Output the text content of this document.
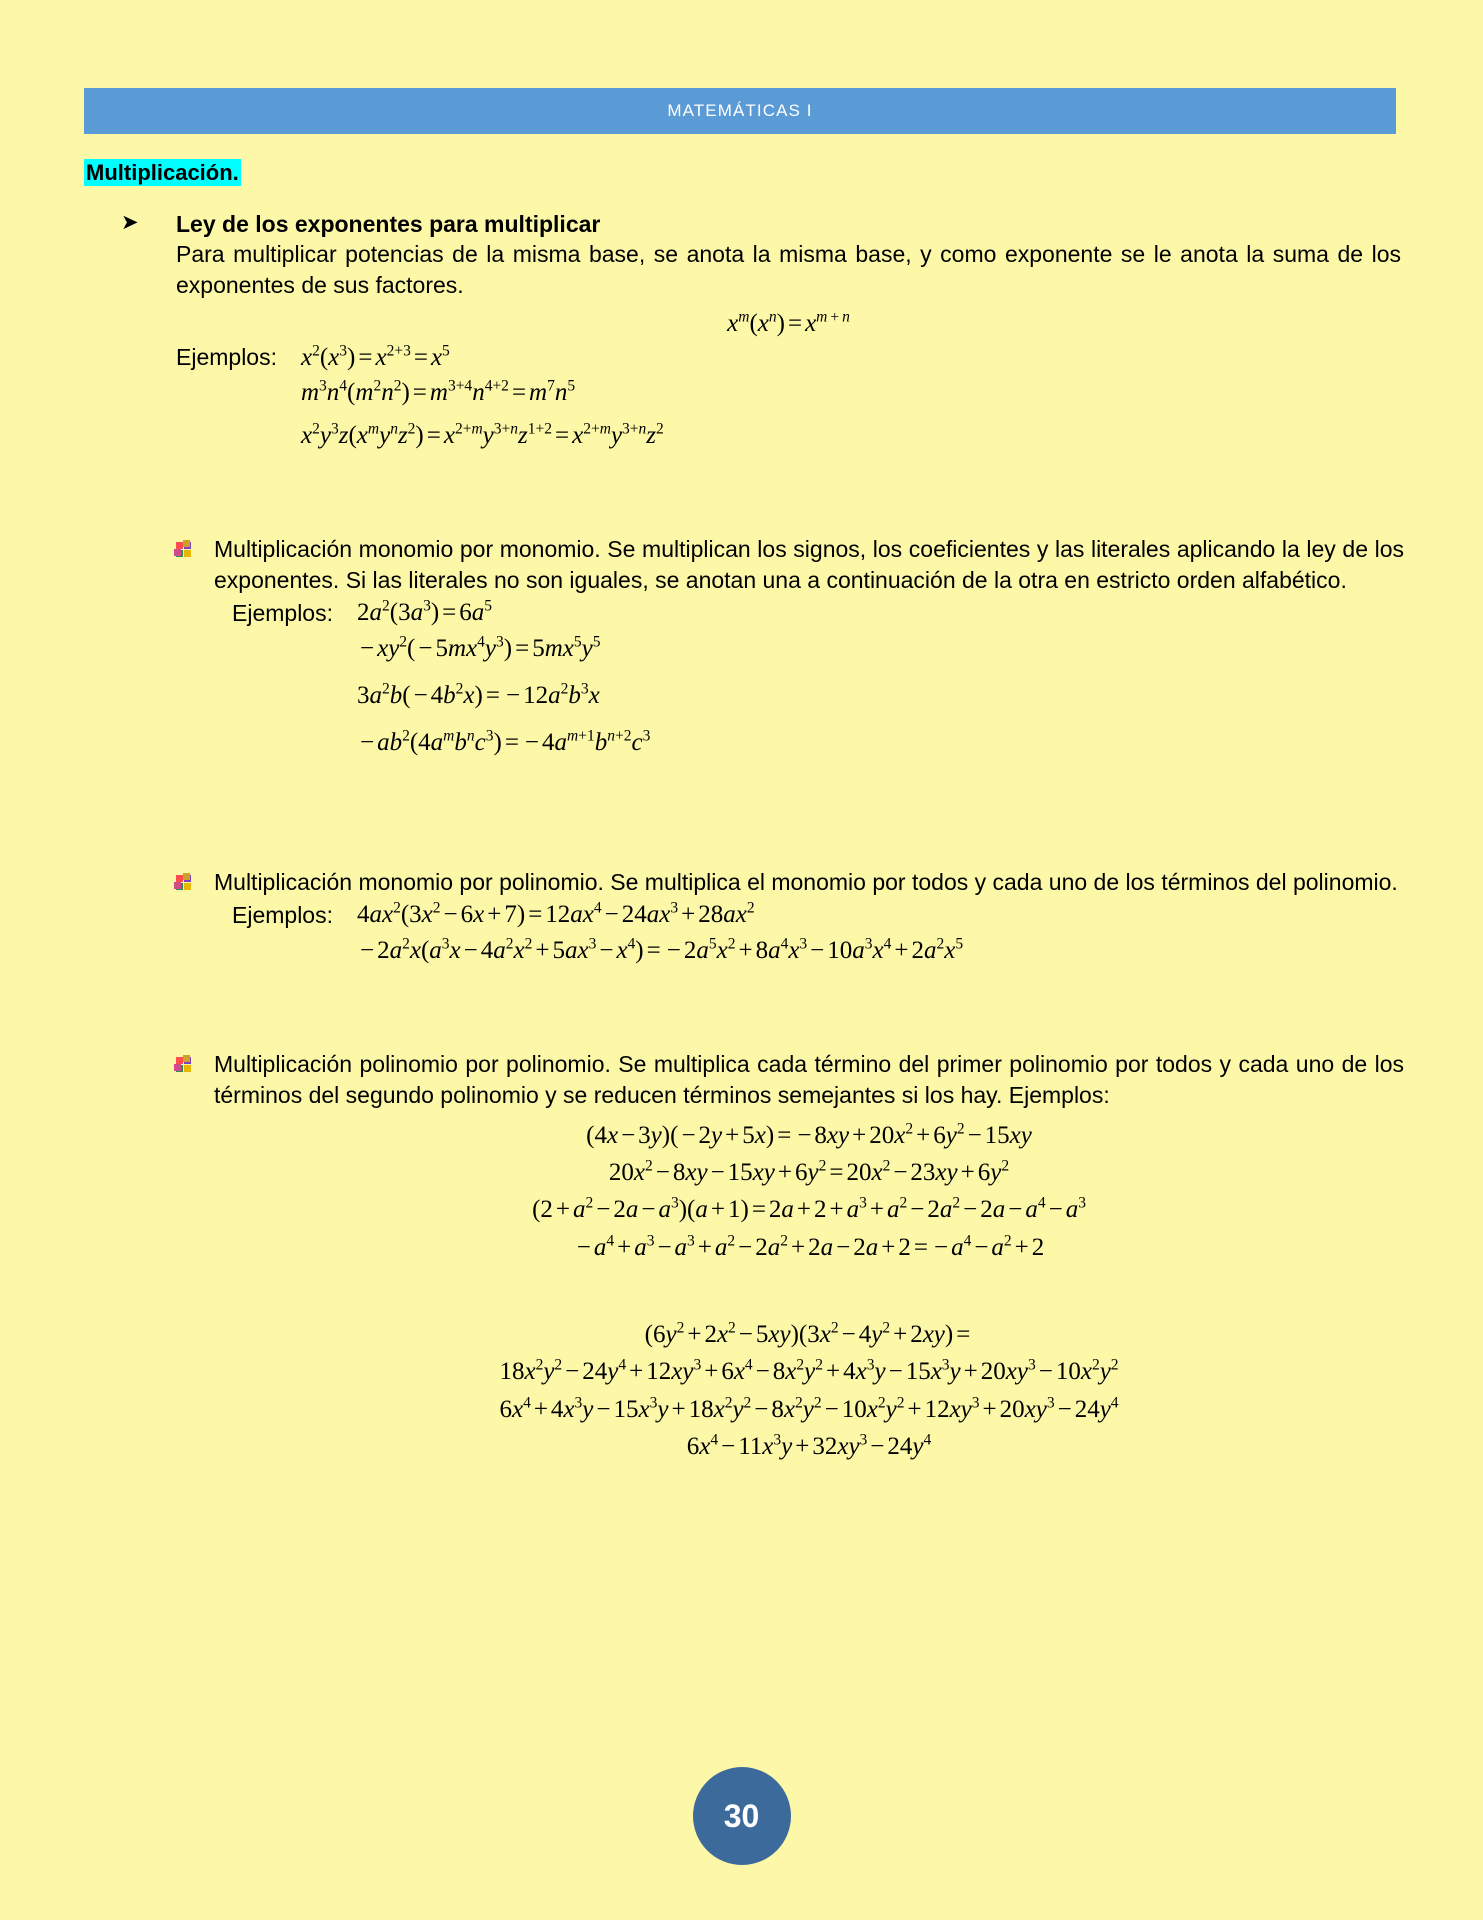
MATEMÁTICAS I
Multiplicación.
➤ Ley de los exponentes para multiplicar

Para multiplicar potencias de la misma base, se anota la misma base, y como exponente se le anota la suma de los exponentes de sus factores.

$x^m(x^n) = x^{m + n}$
Ejemplos: $x^2(x^3) = x^{2+3} = x^5$
$m^3n^4(m^2n^2) = m^{3+4}n^{4+2} = m^7n^5$
$x^2y^3z(x^my^nz^2) = x^{2+m}y^{3+n}z^{1+2} = x^{2+m}y^{3+n}z^2$

Multiplicación monomio por monomio. Se multiplican los signos, los coeficientes y las literales aplicando la ley de los exponentes. Si las literales no son iguales, se anotan una a continuación de la otra en estricto orden alfabético.

Ejemplos: $2a^2(3a^3) = 6a^5$
− $xy^2( - 5mx^4y^3) = 5mx^5y^5$
$3a^2b( - 4b^2x)$ = − $12a^2b^3x$
− $ab^2(4a^mb^nc^3)$ = − $4a^{m+1}b^{n+2}c^3$

Multiplicación monomio por polinomio. Se multiplica el monomio por todos y cada uno de los términos del polinomio.

Ejemplos: $4ax^2(3x^2 - 6x + 7) = 12ax^4 - 24ax^3 + 28ax^2$
− $2a^2x(a^3x - 4a^2x^2 + 5ax^3 - x^4)$ = − $2a^5x^2 + 8a^4x^3 - 10a^3x^4 + 2a^2x^5$

Multiplicación polinomio por polinomio. Se multiplica cada término del primer polinomio por todos y cada uno de los términos del segundo polinomio y se reducen términos semejantes si los hay. Ejemplos:

(4x − 3y)( − 2y + 5x) = − $8xy + 20x^2 + 6y^2 - 15xy$
$20x^2 - 8xy - 15xy + 6y^2 = 20x^2 - 23xy + 6y^2$
$(2 + a^2 - 2a - a^3)(a + 1) = 2a + 2 + a^3 + a^2 - 2a^2 - 2a - a^4 - a^3$
− $a^4 + a^3 - a^3 + a^2 - 2a^2 + 2a - 2a + 2$ = − $a^4 - a^2 + 2$
$(6y^2 + 2x^2 - 5xy)(3x^2 - 4y^2 + 2xy)$ =
$18x^2y^2 - 24y^4 + 12xy^3 + 6x^4 - 8x^2y^2 + 4x^3y - 15x^3y + 20xy^3 - 10x^2y^2$
$6x^4 + 4x^3y - 15x^3y + 18x^2y^2 - 8x^2y^2 - 10x^2y^2 + 12xy^3 + 20xy^3 - 24y^4$
$6x^4 - 11x^3y + 32xy^3 - 24y^4$
30
